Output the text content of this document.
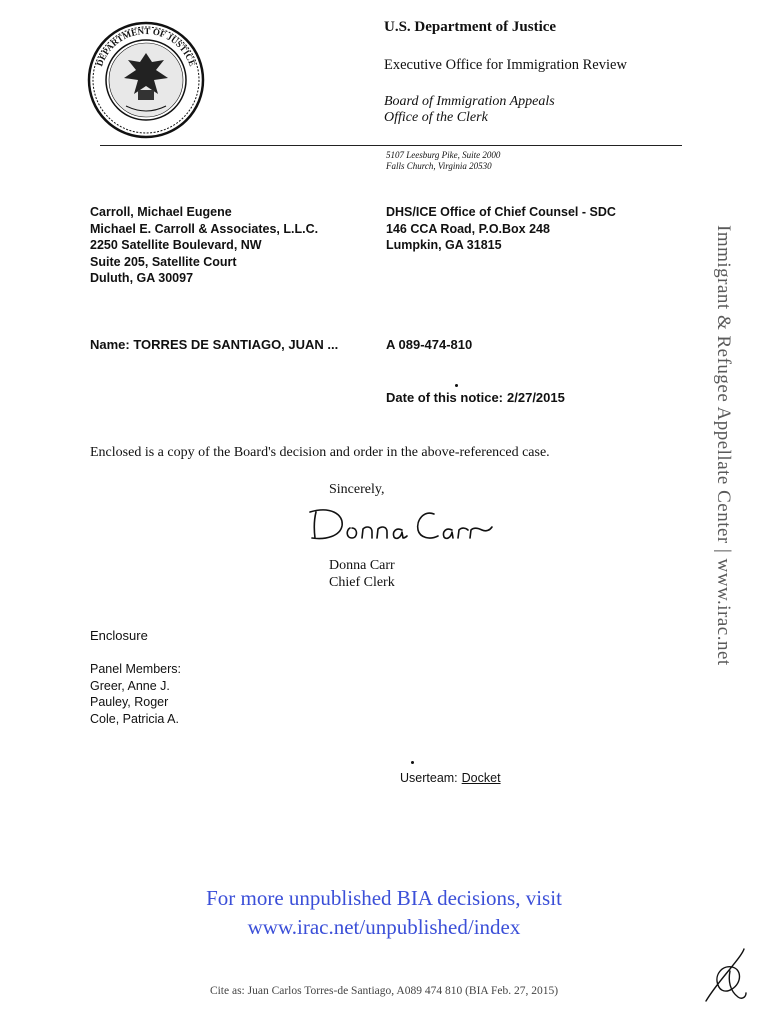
DEPARTMENT OF JUSTICE
U.S. Department of Justice
Executive Office for Immigration Review
Board of Immigration Appeals
Office of the Clerk
5107 Leesburg Pike, Suite 2000
Falls Church, Virginia 20530
Carroll, Michael Eugene
Michael E. Carroll & Associates, L.L.C.
2250 Satellite Boulevard, NW
Suite 205, Satellite Court
Duluth, GA 30097
DHS/ICE Office of Chief Counsel - SDC
146 CCA Road, P.O.Box 248
Lumpkin, GA 31815
Name: TORRES DE SANTIAGO, JUAN ...	A 089-474-810
Date of this notice: 2/27/2015
Enclosed is a copy of the Board's decision and order in the above-referenced case.
Sincerely,
Donna Carr
Chief Clerk
Enclosure
Panel Members:
Greer, Anne J.
Pauley, Roger
Cole, Patricia A.
Userteam: Docket
Immigrant & Refugee Appellate Center | www.irac.net
For more unpublished BIA decisions, visit
www.irac.net/unpublished/index
Cite as: Juan Carlos Torres-de Santiago, A089 474 810 (BIA Feb. 27, 2015)
